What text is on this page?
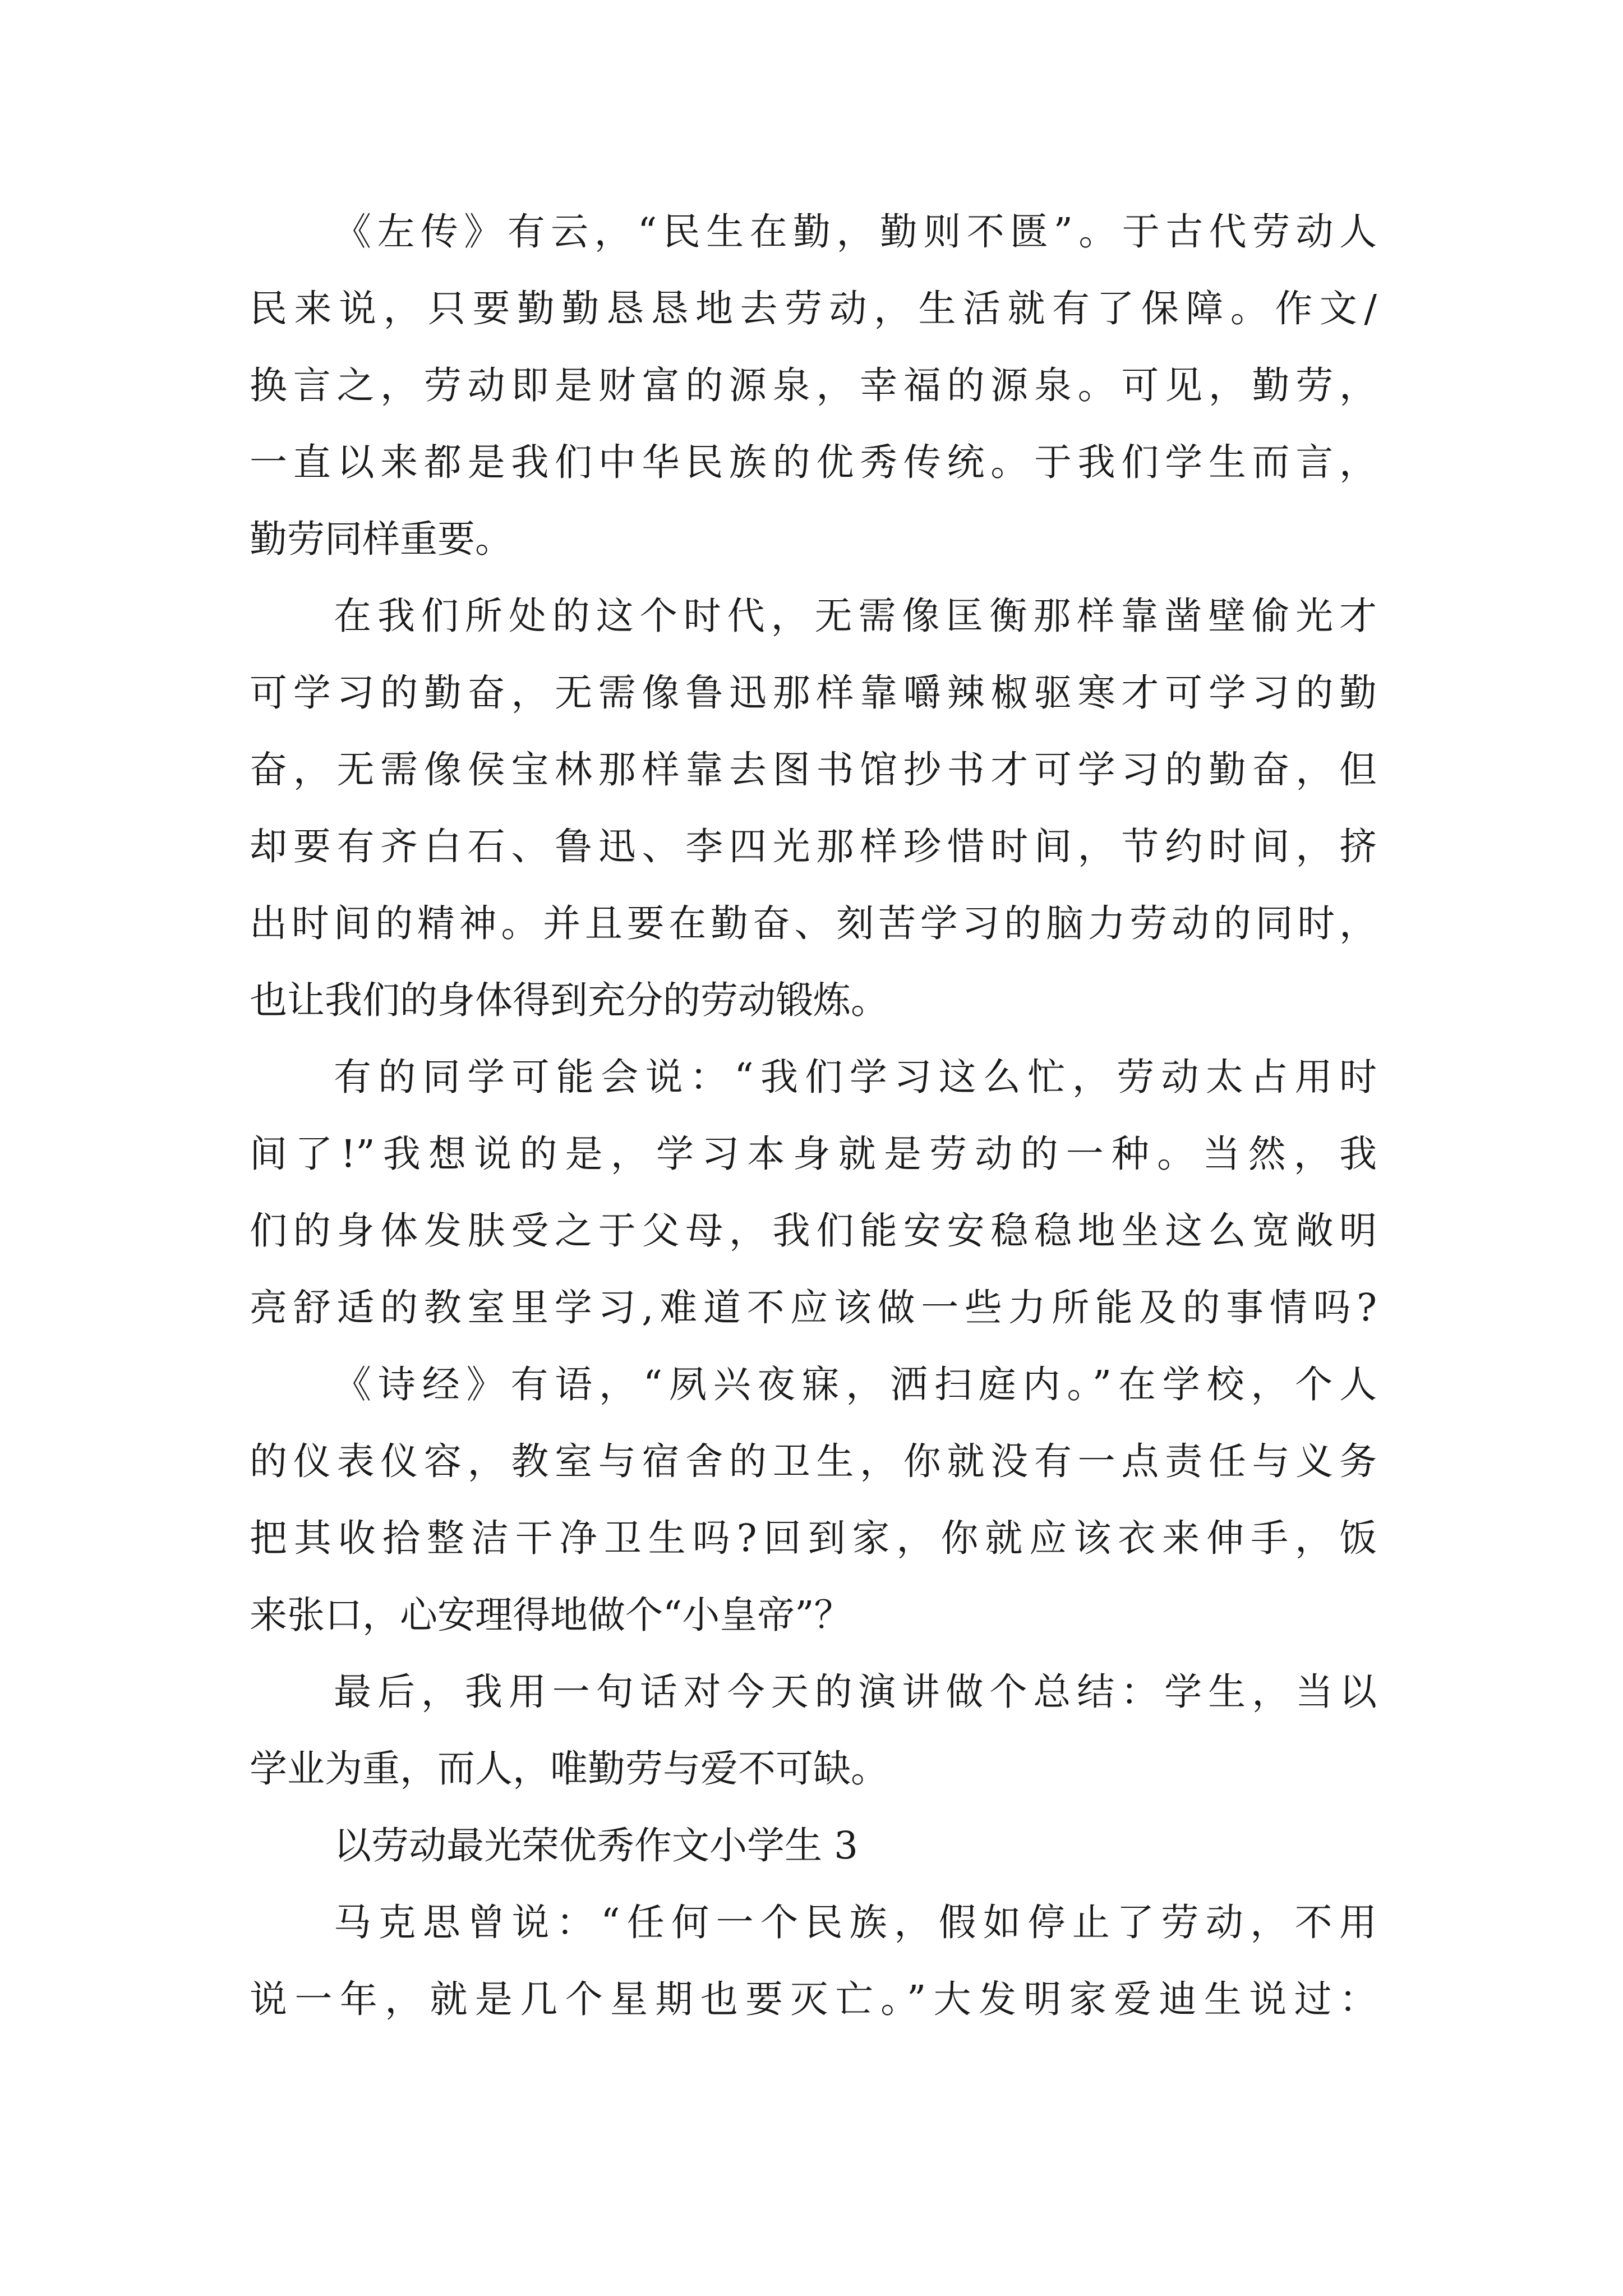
《左传》有云，“民生在勤，勤则不匮”。于古代劳动人
民来说，只要勤勤恳恳地去劳动，生活就有了保障。作文/
换言之，劳动即是财富的源泉，幸福的源泉。可见，勤劳，
一直以来都是我们中华民族的优秀传统。于我们学生而言，
勤劳同样重要。
在我们所处的这个时代，无需像匡衡那样靠凿壁偷光才
可学习的勤奋，无需像鲁迅那样靠嚼辣椒驱寒才可学习的勤
奋，无需像侯宝林那样靠去图书馆抄书才可学习的勤奋，但
却要有齐白石、鲁迅、李四光那样珍惜时间，节约时间，挤
出时间的精神。并且要在勤奋、刻苦学习的脑力劳动的同时，
也让我们的身体得到充分的劳动锻炼。
有的同学可能会说：“我们学习这么忙，劳动太占用时
间了!”我想说的是，学习本身就是劳动的一种。当然，我
们的身体发肤受之于父母，我们能安安稳稳地坐这么宽敞明
亮舒适的教室里学习,难道不应该做一些力所能及的事情吗?
《诗经》有语，“夙兴夜寐，洒扫庭内。”在学校，个人
的仪表仪容，教室与宿舍的卫生，你就没有一点责任与义务
把其收拾整洁干净卫生吗?回到家，你就应该衣来伸手，饭
来张口，心安理得地做个“小皇帝”？
最后，我用一句话对今天的演讲做个总结：学生，当以
学业为重，而人，唯勤劳与爱不可缺。
以劳动最光荣优秀作文小学生 3
马克思曾说：“任何一个民族，假如停止了劳动，不用
说一年，就是几个星期也要灭亡。”大发明家爱迪生说过：
